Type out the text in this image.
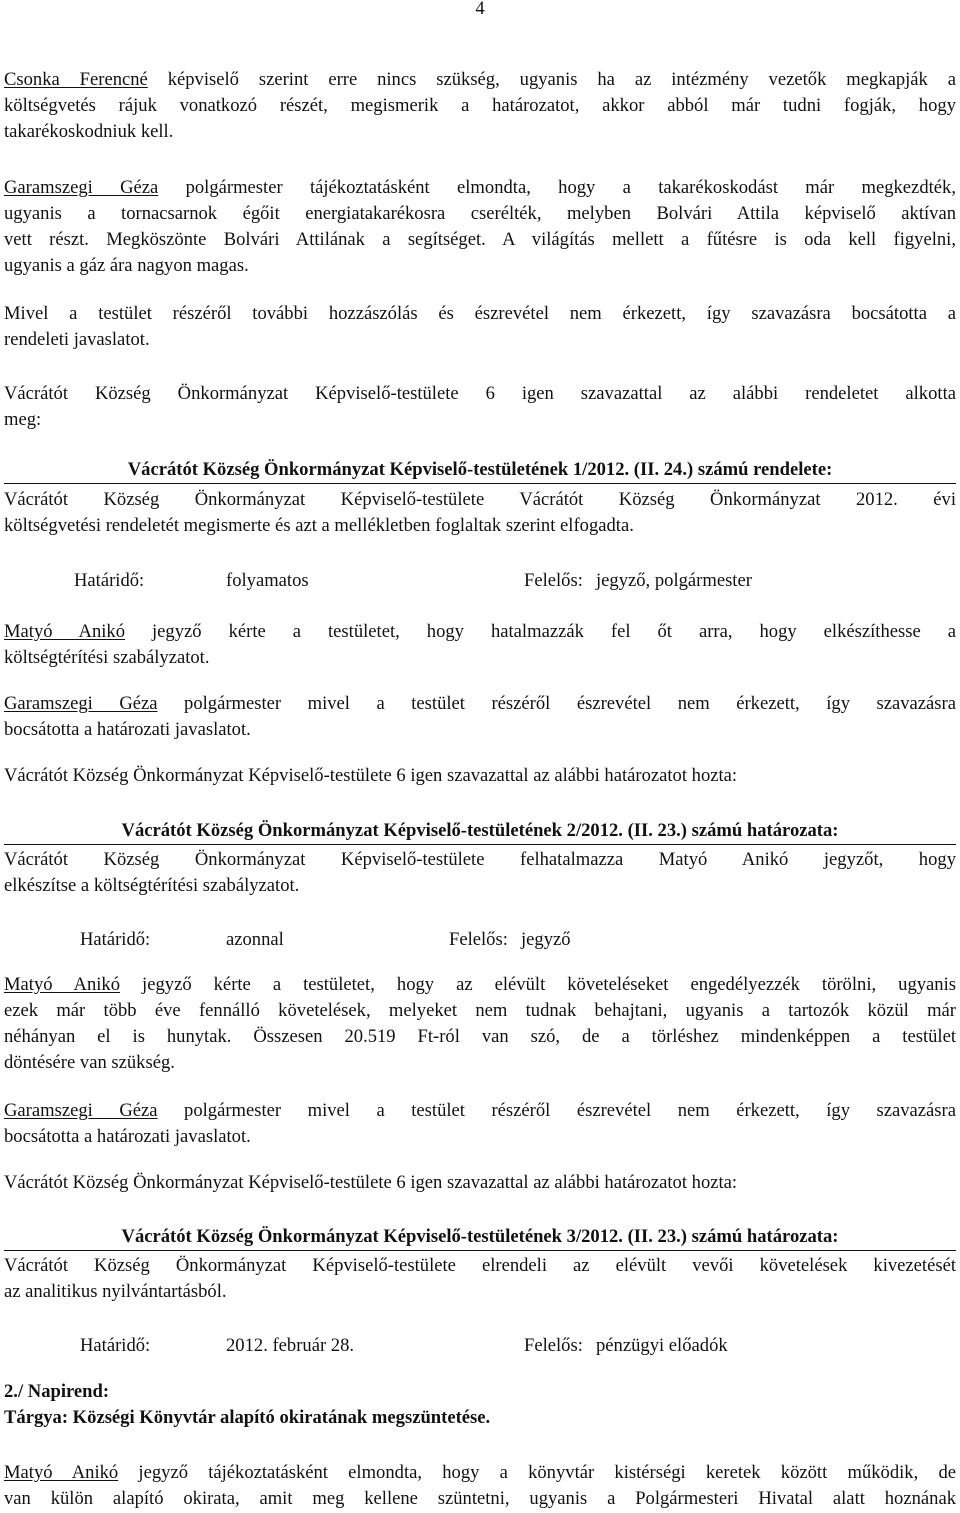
4
Csonka Ferencné képviselő szerint erre nincs szükség, ugyanis ha az intézmény vezetők megkapják a
költségvetés rájuk vonatkozó részét, megismerik a határozatot, akkor abból már tudni fogják, hogy
takarékoskodniuk kell.
Garamszegi Géza polgármester tájékoztatásként elmondta, hogy a takarékoskodást már megkezdték,
ugyanis a tornacsarnok égőit energiatakarékosra cserélték, melyben Bolvári Attila képviselő aktívan
vett részt. Megköszönte Bolvári Attilának a segítséget. A világítás mellett a fűtésre is oda kell figyelni,
ugyanis a gáz ára nagyon magas.
Mivel a testület részéről további hozzászólás és észrevétel nem érkezett, így szavazásra bocsátotta a
rendeleti javaslatot.
Vácrátót Község Önkormányzat Képviselő-testülete 6 igen szavazattal az alábbi rendeletet alkotta
meg:
Vácrátót Község Önkormányzat Képviselő-testületének 1/2012. (II. 24.) számú rendelete:
Vácrátót Község Önkormányzat Képviselő-testülete Vácrátót Község Önkormányzat 2012. évi
költségvetési rendeletét megismerte és azt a mellékletben foglaltak szerint elfogadta.
Határidő:	folyamatos	Felelős: jegyző, polgármester
Matyó Anikó jegyző kérte a testületet, hogy hatalmazzák fel őt arra, hogy elkészíthesse a
költségtérítési szabályzatot.
Garamszegi Géza polgármester mivel a testület részéről észrevétel nem érkezett, így szavazásra
bocsátotta a határozati javaslatot.
Vácrátót Község Önkormányzat Képviselő-testülete 6 igen szavazattal az alábbi határozatot hozta:
Vácrátót Község Önkormányzat Képviselő-testületének 2/2012. (II. 23.) számú határozata:
Vácrátót Község Önkormányzat Képviselő-testülete felhatalmazza Matyó Anikó jegyzőt, hogy
elkészítse a költségtérítési szabályzatot.
Határidő:	azonnal	Felelős: jegyző
Matyó Anikó jegyző kérte a testületet, hogy az elévült követeléseket engedélyezzék törölni, ugyanis
ezek már több éve fennálló követelések, melyeket nem tudnak behajtani, ugyanis a tartozók közül már
néhányan el is hunytak. Összesen 20.519 Ft-ról van szó, de a törléshez mindenképpen a testület
döntésére van szükség.
Garamszegi Géza polgármester mivel a testület részéről észrevétel nem érkezett, így szavazásra
bocsátotta a határozati javaslatot.
Vácrátót Község Önkormányzat Képviselő-testülete 6 igen szavazattal az alábbi határozatot hozta:
Vácrátót Község Önkormányzat Képviselő-testületének 3/2012. (II. 23.) számú határozata:
Vácrátót Község Önkormányzat Képviselő-testülete elrendeli az elévült vevői követelések kivezetését
az analitikus nyilvántartásból.
Határidő:	2012. február 28.	Felelős: pénzügyi előadók
2./ Napirend:
Tárgya: Községi Könyvtár alapító okiratának megszüntetése.
Matyó Anikó jegyző tájékoztatásként elmondta, hogy a könyvtár kistérségi keretek között működik, de
van külön alapító okirata, amit meg kellene szüntetni, ugyanis a Polgármesteri Hivatal alatt hoznának
